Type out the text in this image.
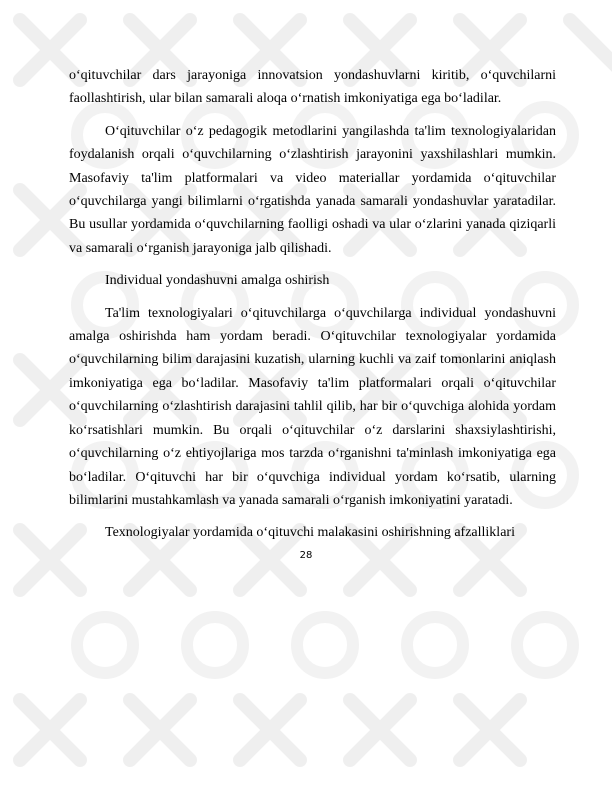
o‘qituvchilar dars jarayoniga innovatsion yondashuvlarni kiritib, o‘quvchilarni faollashtirish, ular bilan samarali aloqa o‘rnatish imkoniyatiga ega bo‘ladilar.

O‘qituvchilar o‘z pedagogik metodlarini yangilashda ta'lim texnologiyalaridan foydalanish orqali o‘quvchilarning o‘zlashtirish jarayonini yaxshilashlari mumkin. Masofaviy ta'lim platformalari va video materiallar yordamida o‘qituvchilar o‘quvchilarga yangi bilimlarni o‘rgatishda yanada samarali yondashuvlar yaratadilar. Bu usullar yordamida o‘quvchilarning faolligi oshadi va ular o‘zlarini yanada qiziqarli va samarali o‘rganish jarayoniga jalb qilishadi.

Individual yondashuvni amalga oshirish

Ta'lim texnologiyalari o‘qituvchilarga o‘quvchilarga individual yondashuvni amalga oshirishda ham yordam beradi. O‘qituvchilar texnologiyalar yordamida o‘quvchilarning bilim darajasini kuzatish, ularning kuchli va zaif tomonlarini aniqlash imkoniyatiga ega bo‘ladilar. Masofaviy ta'lim platformalari orqali o‘qituvchilar o‘quvchilarning o‘zlashtirish darajasini tahlil qilib, har bir o‘quvchiga alohida yordam ko‘rsatishlari mumkin. Bu orqali o‘qituvchilar o‘z darslarini shaxsiylashtirishi, o‘quvchilarning o‘z ehtiyojlariga mos tarzda o‘rganishni ta'minlash imkoniyatiga ega bo‘ladilar. O‘qituvchi har bir o‘quvchiga individual yordam ko‘rsatib, ularning bilimlarini mustahkamlash va yanada samarali o‘rganish imkoniyatini yaratadi.

Texnologiyalar yordamida o‘qituvchi malakasini oshirishning afzalliklari

28
